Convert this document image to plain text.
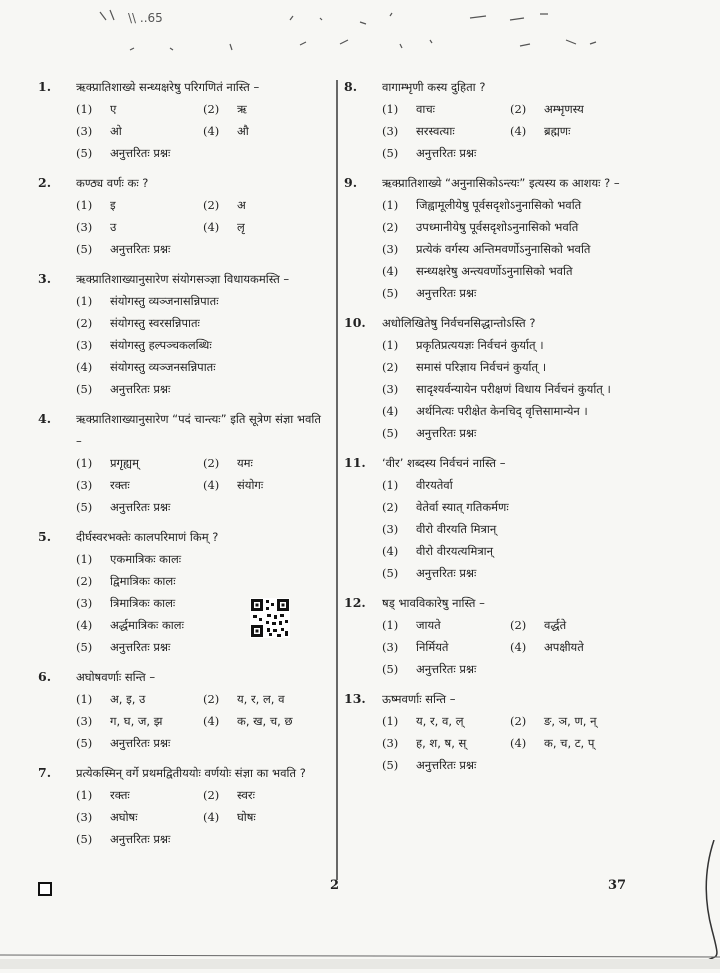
\\ ..65
1.	ऋक्प्रातिशाख्ये सन्ध्यक्षरेषु परिगणितं नास्ति –
(1)	ए	(2)	ऋ
(3)	ओ	(4)	औ
(5)	अनुत्तरितः प्रश्नः
2.	कण्ठ्य वर्णः कः ?
(1)	इ	(2)	अ
(3)	उ	(4)	लृ
(5)	अनुत्तरितः प्रश्नः
3.	ऋक्प्रातिशाख्यानुसारेण संयोगसञ्ज्ञा विधायकमस्ति –
(1)	संयोगस्तु व्यञ्जनासन्निपातः
(2)	संयोगस्तु स्वरसन्निपातः
(3)	संयोगस्तु हल्पञ्चकलब्धिः
(4)	संयोगस्तु व्यञ्जनसन्निपातः
(5)	अनुत्तरितः प्रश्नः
4.	ऋक्प्रातिशाख्यानुसारेण “पदं चान्त्यः” इति सूत्रेण संज्ञा भवति –
(1)	प्रगृह्यम्	(2)	यमः
(3)	रक्तः	(4)	संयोगः
(5)	अनुत्तरितः प्रश्नः
5.	दीर्घस्वरभक्तेः कालपरिमाणं किम् ?
(1)	एकमात्रिकः कालः
(2)	द्विमात्रिकः कालः
(3)	त्रिमात्रिकः कालः
(4)	अर्द्धमात्रिकः कालः
(5)	अनुत्तरितः प्रश्नः
6.	अघोषवर्णाः सन्ति –
(1)	अ, इ, उ	(2)	य, र, ल, व
(3)	ग, घ, ज, झ	(4)	क, ख, च, छ
(5)	अनुत्तरितः प्रश्नः
7.	प्रत्येकस्मिन् वर्गे प्रथमद्वितीययोः वर्णयोः संज्ञा का भवति ?
(1)	रक्तः	(2)	स्वरः
(3)	अघोषः	(4)	घोषः
(5)	अनुत्तरितः प्रश्नः
8.	वागाम्भृणी कस्य दुहिता ?
(1)	वाचः	(2)	अम्भृणस्य
(3)	सरस्वत्याः	(4)	ब्रह्मणः
(5)	अनुत्तरितः प्रश्नः
9.	ऋक्प्रातिशाख्ये “अनुनासिकोऽन्त्यः” इत्यस्य क आशयः ? –
(1)	जिह्वामूलीयेषु पूर्वसदृशोऽनुनासिको भवति
(2)	उपध्मानीयेषु पूर्वसदृशोऽनुनासिको भवति
(3)	प्रत्येकं वर्गस्य अन्तिमवर्णोऽनुनासिको भवति
(4)	सन्ध्यक्षरेषु अन्त्यवर्णोऽनुनासिको भवति
(5)	अनुत्तरितः प्रश्नः
10.	अधोलिखितेषु निर्वचनसिद्धान्तोऽस्ति ?
(1)	प्रकृतिप्रत्ययज्ञः निर्वचनं कुर्यात् ।
(2)	समासं परिज्ञाय निर्वचनं कुर्यात् ।
(3)	सादृश्यर्वन्यायेन परीक्षणं विधाय निर्वचनं कुर्यात् ।
(4)	अर्थनित्यः परीक्षेत केनचिद् वृत्तिसामान्येन ।
(5)	अनुत्तरितः प्रश्नः
11.	‘वीर’ शब्दस्य निर्वचनं नास्ति –
(1)	वीरयतेर्वा
(2)	वेतेर्वा स्यात् गतिकर्मणः
(3)	वीरो वीरयति मित्रान्
(4)	वीरो वीरयत्यमित्रान्
(5)	अनुत्तरितः प्रश्नः
12.	षड् भावविकारेषु नास्ति –
(1)	जायते	(2)	वर्द्धते
(3)	निर्मियते	(4)	अपक्षीयते
(5)	अनुत्तरितः प्रश्नः
13.	ऊष्मवर्णाः सन्ति –
(1)	य, र, व, ल्	(2)	ङ, ञ, ण, न्
(3)	ह, श, ष, स्	(4)	क, च, ट, प्
(5)	अनुत्तरितः प्रश्नः
2	37
